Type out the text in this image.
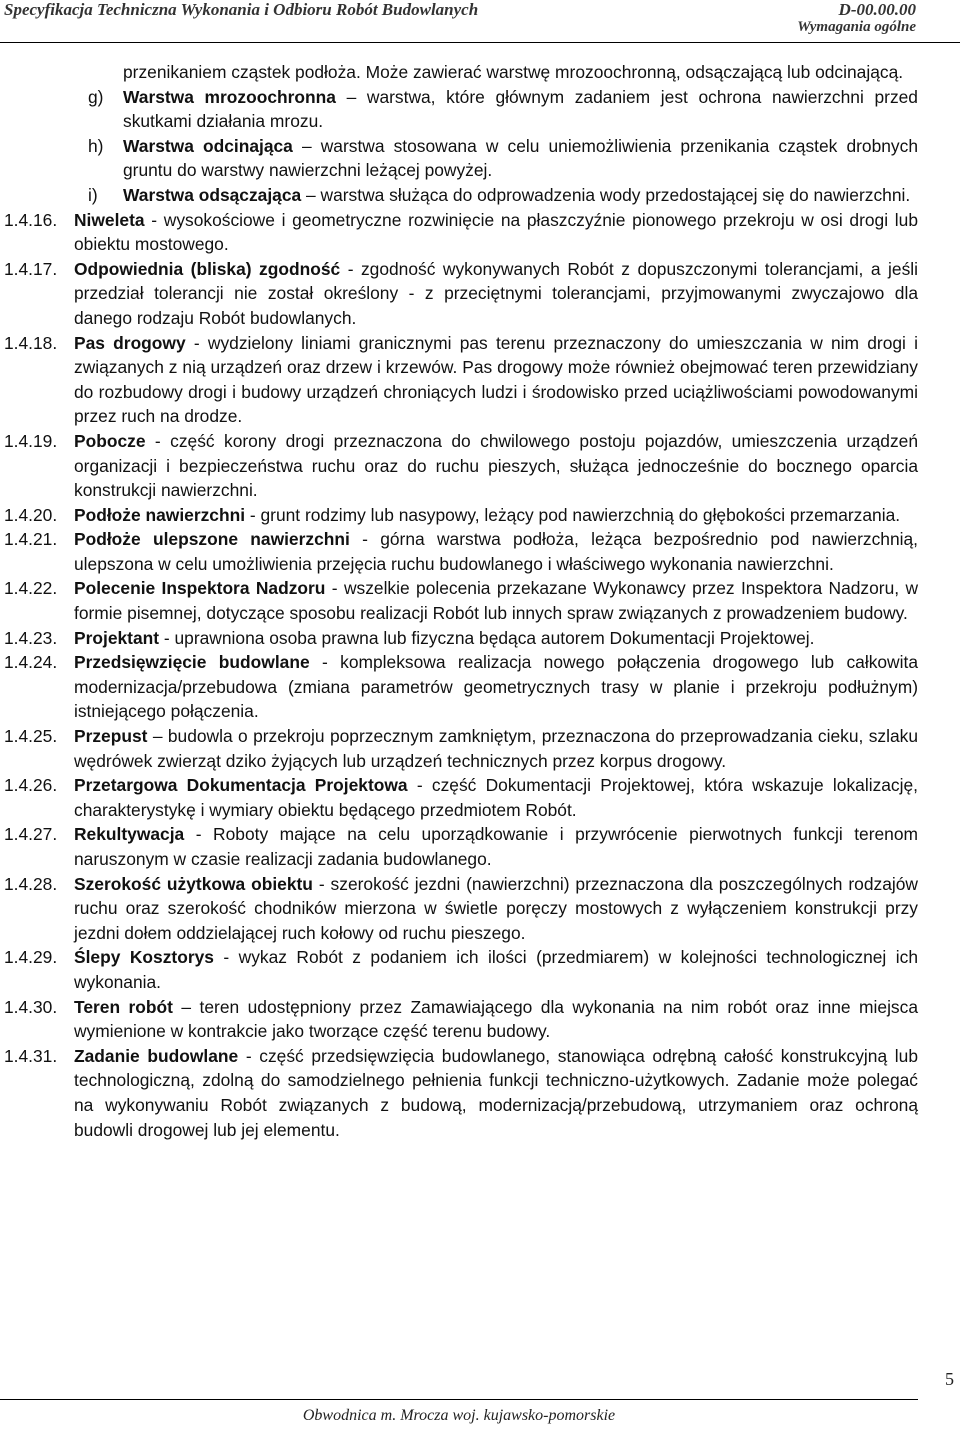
Specyfikacja Techniczna Wykonania i Odbioru Robót Budowlanych	D-00.00.00
Wymagania ogólne

przenikaniem cząstek podłoża. Może zawierać warstwę mrozoochronną, odsączającą lub odcinającą.

g) Warstwa mrozoochronna – warstwa, które głównym zadaniem jest ochrona nawierzchni przed skutkami działania mrozu.

h) Warstwa odcinająca – warstwa stosowana w celu uniemożliwienia przenikania cząstek drobnych gruntu do warstwy nawierzchni leżącej powyżej.

i) Warstwa odsączająca – warstwa służąca do odprowadzenia wody przedostającej się do nawierzchni.

1.4.16. Niweleta - wysokościowe i geometryczne rozwinięcie na płaszczyźnie pionowego przekroju w osi drogi lub obiektu mostowego.

1.4.17. Odpowiednia (bliska) zgodność - zgodność wykonywanych Robót z dopuszczonymi tolerancjami, a jeśli przedział tolerancji nie został określony - z przeciętnymi tolerancjami, przyjmowanymi zwyczajowo dla danego rodzaju Robót budowlanych.

1.4.18. Pas drogowy - wydzielony liniami granicznymi pas terenu przeznaczony do umieszczania w nim drogi i związanych z nią urządzeń oraz drzew i krzewów. Pas drogowy może również obejmować teren przewidziany do rozbudowy drogi i budowy urządzeń chroniących ludzi i środowisko przed uciążliwościami powodowanymi przez ruch na drodze.

1.4.19. Pobocze - część korony drogi przeznaczona do chwilowego postoju pojazdów, umieszczenia urządzeń organizacji i bezpieczeństwa ruchu oraz do ruchu pieszych, służąca jednocześnie do bocznego oparcia konstrukcji nawierzchni.

1.4.20. Podłoże nawierzchni - grunt rodzimy lub nasypowy, leżący pod nawierzchnią do głębokości przemarzania.

1.4.21. Podłoże ulepszone nawierzchni - górna warstwa podłoża, leżąca bezpośrednio pod nawierzchnią, ulepszona w celu umożliwienia przejęcia ruchu budowlanego i właściwego wykonania nawierzchni.

1.4.22. Polecenie Inspektora Nadzoru - wszelkie polecenia przekazane Wykonawcy przez Inspektora Nadzoru, w formie pisemnej, dotyczące sposobu realizacji Robót lub innych spraw związanych z prowadzeniem budowy.

1.4.23. Projektant - uprawniona osoba prawna lub fizyczna będąca autorem Dokumentacji Projektowej.

1.4.24. Przedsięwzięcie budowlane - kompleksowa realizacja nowego połączenia drogowego lub całkowita modernizacja/przebudowa (zmiana parametrów geometrycznych trasy w planie i przekroju podłużnym) istniejącego połączenia.

1.4.25. Przepust – budowla o przekroju poprzecznym zamkniętym, przeznaczona do przeprowadzania cieku, szlaku wędrówek zwierząt dziko żyjących lub urządzeń technicznych przez korpus drogowy.

1.4.26. Przetargowa Dokumentacja Projektowa - część Dokumentacji Projektowej, która wskazuje lokalizację, charakterystykę i wymiary obiektu będącego przedmiotem Robót.

1.4.27. Rekultywacja - Roboty mające na celu uporządkowanie i przywrócenie pierwotnych funkcji terenom naruszonym w czasie realizacji zadania budowlanego.

1.4.28. Szerokość użytkowa obiektu - szerokość jezdni (nawierzchni) przeznaczona dla poszczególnych rodzajów ruchu oraz szerokość chodników mierzona w świetle poręczy mostowych z wyłączeniem konstrukcji przy jezdni dołem oddzielającej ruch kołowy od ruchu pieszego.

1.4.29. Ślepy Kosztorys - wykaz Robót z podaniem ich ilości (przedmiarem) w kolejności technologicznej ich wykonania.

1.4.30. Teren robót – teren udostępniony przez Zamawiającego dla wykonania na nim robót oraz inne miejsca wymienione w kontrakcie jako tworzące część terenu budowy.

1.4.31. Zadanie budowlane - część przedsięwzięcia budowlanego, stanowiąca odrębną całość konstrukcyjną lub technologiczną, zdolną do samodzielnego pełnienia funkcji techniczno-użytkowych. Zadanie może polegać na wykonywaniu Robót związanych z budową, modernizacją/przebudową, utrzymaniem oraz ochroną budowli drogowej lub jej elementu.

5
Obwodnica m. Mrocza woj. kujawsko-pomorskie
